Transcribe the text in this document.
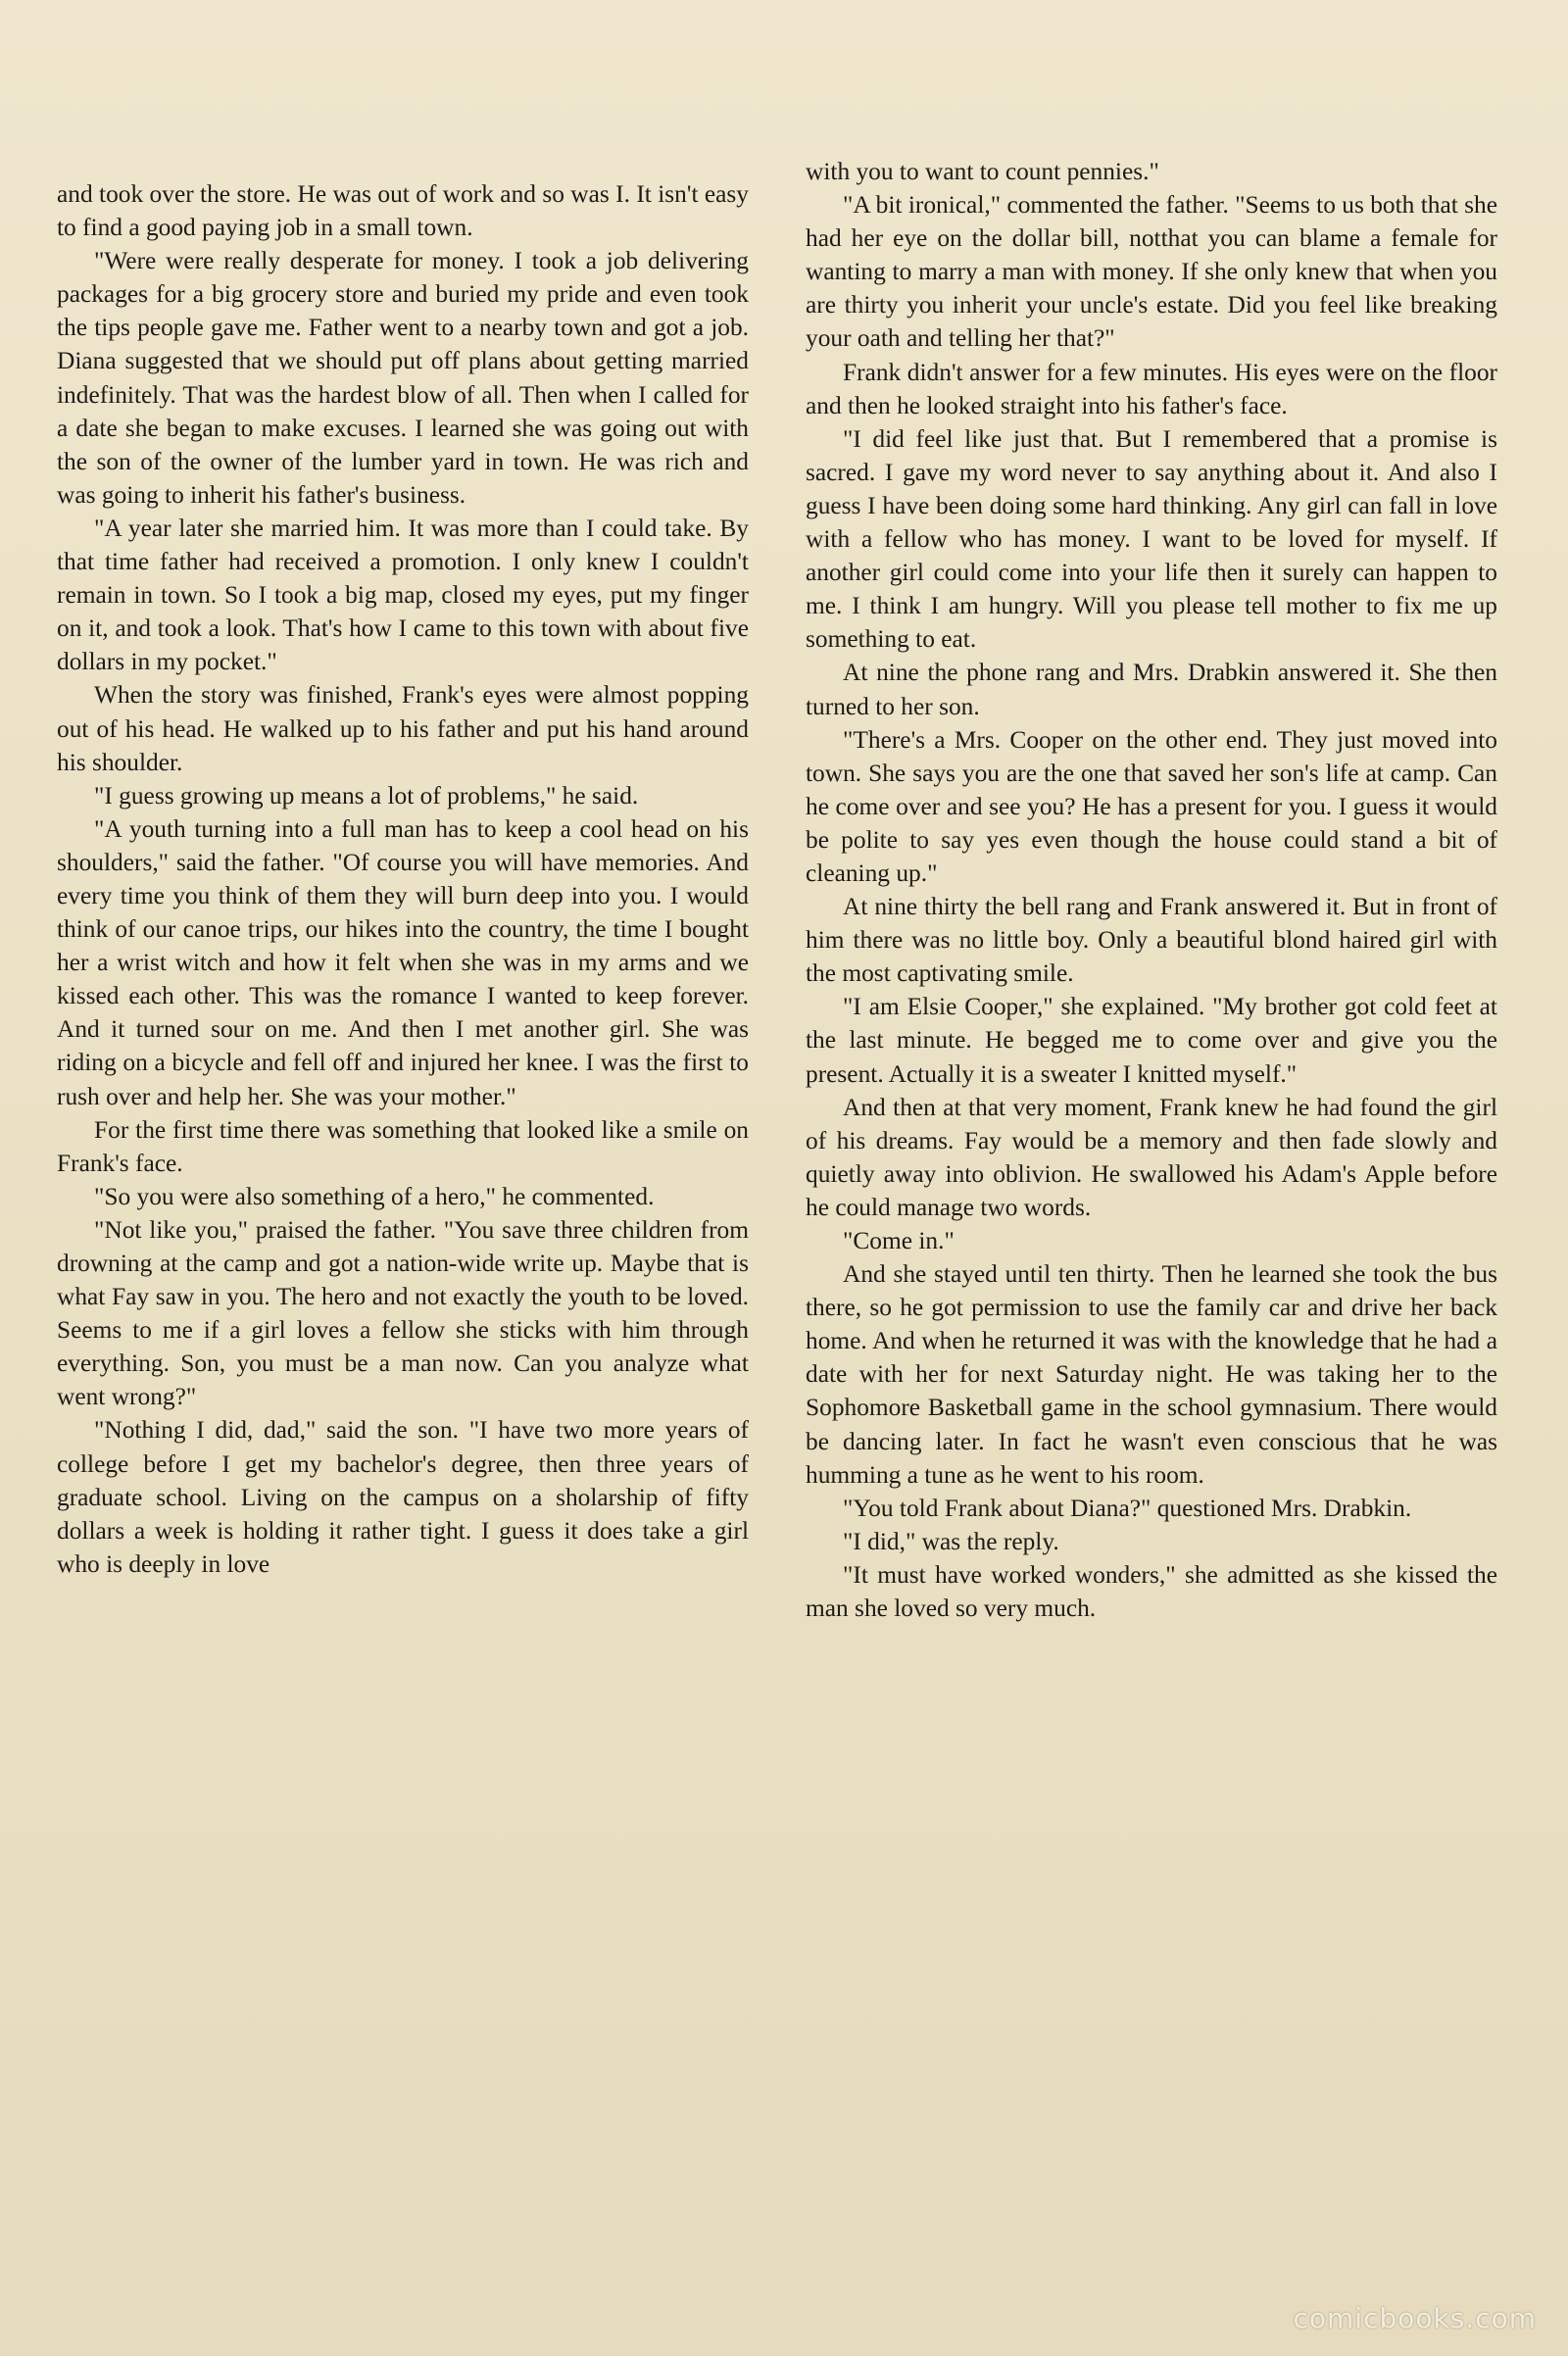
and took over the store. He was out of work and so was I. It isn't easy to find a good paying job in a small town.

"Were were really desperate for money. I took a job delivering packages for a big grocery store and buried my pride and even took the tips people gave me. Father went to a nearby town and got a job. Diana suggested that we should put off plans about getting married indefinitely. That was the hardest blow of all. Then when I called for a date she began to make excuses. I learned she was going out with the son of the owner of the lumber yard in town. He was rich and was going to inherit his father's business.

"A year later she married him. It was more than I could take. By that time father had received a promotion. I only knew I couldn't remain in town. So I took a big map, closed my eyes, put my finger on it, and took a look. That's how I came to this town with about five dollars in my pocket."

When the story was finished, Frank's eyes were almost popping out of his head. He walked up to his father and put his hand around his shoulder.

"I guess growing up means a lot of problems," he said.

"A youth turning into a full man has to keep a cool head on his shoulders," said the father. "Of course you will have memories. And every time you think of them they will burn deep into you. I would think of our canoe trips, our hikes into the country, the time I bought her a wrist witch and how it felt when she was in my arms and we kissed each other. This was the romance I wanted to keep forever. And it turned sour on me. And then I met another girl. She was riding on a bicycle and fell off and injured her knee. I was the first to rush over and help her. She was your mother."

For the first time there was something that looked like a smile on Frank's face.

"So you were also something of a hero," he commented.

"Not like you," praised the father. "You save three children from drowning at the camp and got a nation-wide write up. Maybe that is what Fay saw in you. The hero and not exactly the youth to be loved. Seems to me if a girl loves a fellow she sticks with him through everything. Son, you must be a man now. Can you analyze what went wrong?"

"Nothing I did, dad," said the son. "I have two more years of college before I get my bachelor's degree, then three years of graduate school. Living on the campus on a sholarship of fifty dollars a week is holding it rather tight. I guess it does take a girl who is deeply in love

with you to want to count pennies."

"A bit ironical," commented the father. "Seems to us both that she had her eye on the dollar bill, notthat you can blame a female for wanting to marry a man with money. If she only knew that when you are thirty you inherit your uncle's estate. Did you feel like breaking your oath and telling her that?"

Frank didn't answer for a few minutes. His eyes were on the floor and then he looked straight into his father's face.

"I did feel like just that. But I remembered that a promise is sacred. I gave my word never to say anything about it. And also I guess I have been doing some hard thinking. Any girl can fall in love with a fellow who has money. I want to be loved for myself. If another girl could come into your life then it surely can happen to me. I think I am hungry. Will you please tell mother to fix me up something to eat.

At nine the phone rang and Mrs. Drabkin answered it. She then turned to her son.

"There's a Mrs. Cooper on the other end. They just moved into town. She says you are the one that saved her son's life at camp. Can he come over and see you? He has a present for you. I guess it would be polite to say yes even though the house could stand a bit of cleaning up."

At nine thirty the bell rang and Frank answered it. But in front of him there was no little boy. Only a beautiful blond haired girl with the most captivating smile.

"I am Elsie Cooper," she explained. "My brother got cold feet at the last minute. He begged me to come over and give you the present. Actually it is a sweater I knitted myself."

And then at that very moment, Frank knew he had found the girl of his dreams. Fay would be a memory and then fade slowly and quietly away into oblivion. He swallowed his Adam's Apple before he could manage two words.

"Come in."

And she stayed until ten thirty. Then he learned she took the bus there, so he got permission to use the family car and drive her back home. And when he returned it was with the knowledge that he had a date with her for next Saturday night. He was taking her to the Sophomore Basketball game in the school gymnasium. There would be dancing later. In fact he wasn't even conscious that he was humming a tune as he went to his room.

"You told Frank about Diana?" questioned Mrs. Drabkin.

"I did," was the reply.

"It must have worked wonders," she admitted as she kissed the man she loved so very much.

comicbooks.com
